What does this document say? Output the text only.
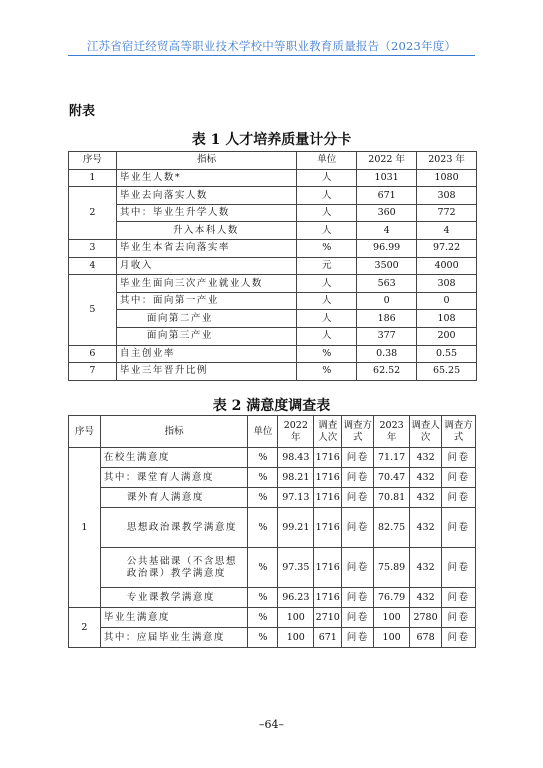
江苏省宿迁经贸高等职业技术学校中等职业教育质量报告（2023年度）
附表
表 1 人才培养质量计分卡
序号	指标	单位	2022 年	2023 年
1	毕业生人数*	人	1031	1080
2	毕业去向落实人数	人	671	308
	其中：毕业生升学人数	人	360	772
	升入本科人数	人	4	4
3	毕业生本省去向落实率	%	96.99	97.22
4	月收入	元	3500	4000
5	毕业生面向三次产业就业人数	人	563	308
	其中：面向第一产业	人	0	0
	面向第二产业	人	186	108
	面向第三产业	人	377	200
6	自主创业率	%	0.38	0.55
7	毕业三年晋升比例	%	62.52	65.25
表 2 满意度调查表
序号	指标	单位	2022 年	调查人次	调查方式	2023 年	调查人次	调查方式
1	在校生满意度	%	98.43	1716	问卷	71.17	432	问卷
	其中：课堂育人满意度	%	98.21	1716	问卷	70.47	432	问卷
	课外育人满意度	%	97.13	1716	问卷	70.81	432	问卷
	思想政治课教学满意度	%	99.21	1716	问卷	82.75	432	问卷
	公共基础课（不含思想政治课）教学满意度	%	97.35	1716	问卷	75.89	432	问卷
	专业课教学满意度	%	96.23	1716	问卷	76.79	432	问卷
2	毕业生满意度	%	100	2710	问卷	100	2780	问卷
	其中：应届毕业生满意度	%	100	671	问卷	100	678	问卷
–64–
